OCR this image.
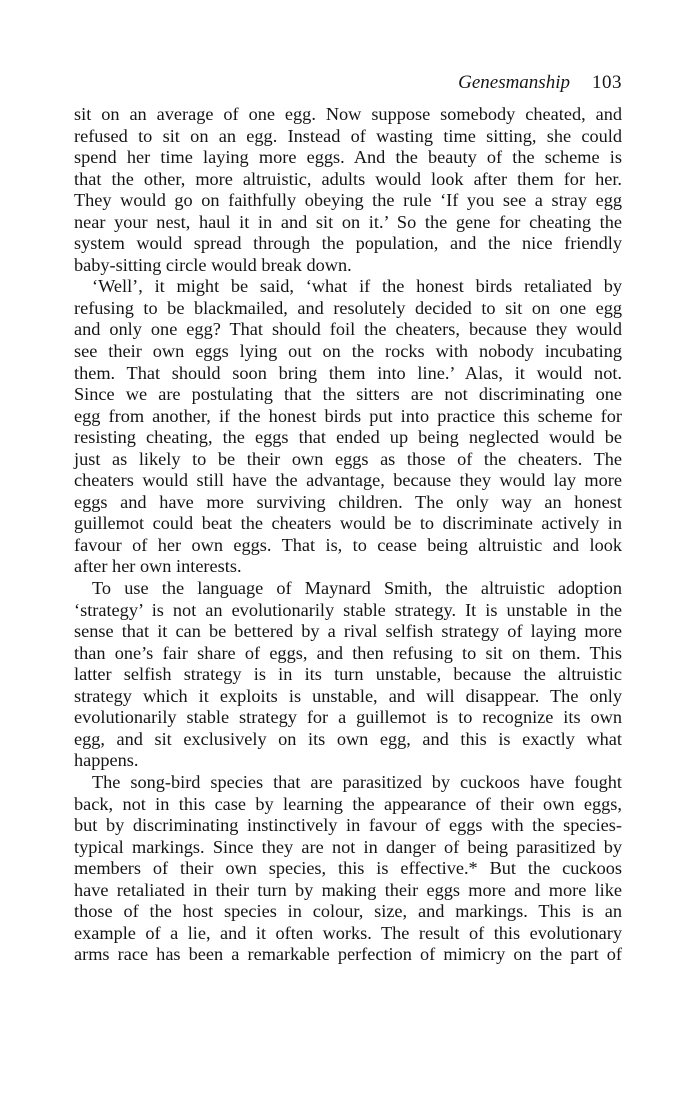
Genesmanship 103
sit on an average of one egg. Now suppose somebody cheated, and
refused to sit on an egg. Instead of wasting time sitting, she could
spend her time laying more eggs. And the beauty of the scheme is
that the other, more altruistic, adults would look after them for her.
They would go on faithfully obeying the rule ‘If you see a stray egg
near your nest, haul it in and sit on it.’ So the gene for cheating the
system would spread through the population, and the nice friendly
baby-sitting circle would break down.
‘Well’, it might be said, ‘what if the honest birds retaliated by
refusing to be blackmailed, and resolutely decided to sit on one egg
and only one egg? That should foil the cheaters, because they would
see their own eggs lying out on the rocks with nobody incubating
them. That should soon bring them into line.’ Alas, it would not.
Since we are postulating that the sitters are not discriminating one
egg from another, if the honest birds put into practice this scheme for
resisting cheating, the eggs that ended up being neglected would be
just as likely to be their own eggs as those of the cheaters. The
cheaters would still have the advantage, because they would lay more
eggs and have more surviving children. The only way an honest
guillemot could beat the cheaters would be to discriminate actively in
favour of her own eggs. That is, to cease being altruistic and look
after her own interests.
To use the language of Maynard Smith, the altruistic adoption
‘strategy’ is not an evolutionarily stable strategy. It is unstable in the
sense that it can be bettered by a rival selfish strategy of laying more
than one’s fair share of eggs, and then refusing to sit on them. This
latter selfish strategy is in its turn unstable, because the altruistic
strategy which it exploits is unstable, and will disappear. The only
evolutionarily stable strategy for a guillemot is to recognize its own
egg, and sit exclusively on its own egg, and this is exactly what
happens.
The song-bird species that are parasitized by cuckoos have fought
back, not in this case by learning the appearance of their own eggs,
but by discriminating instinctively in favour of eggs with the species-
typical markings. Since they are not in danger of being parasitized by
members of their own species, this is effective.* But the cuckoos
have retaliated in their turn by making their eggs more and more like
those of the host species in colour, size, and markings. This is an
example of a lie, and it often works. The result of this evolutionary
arms race has been a remarkable perfection of mimicry on the part of
